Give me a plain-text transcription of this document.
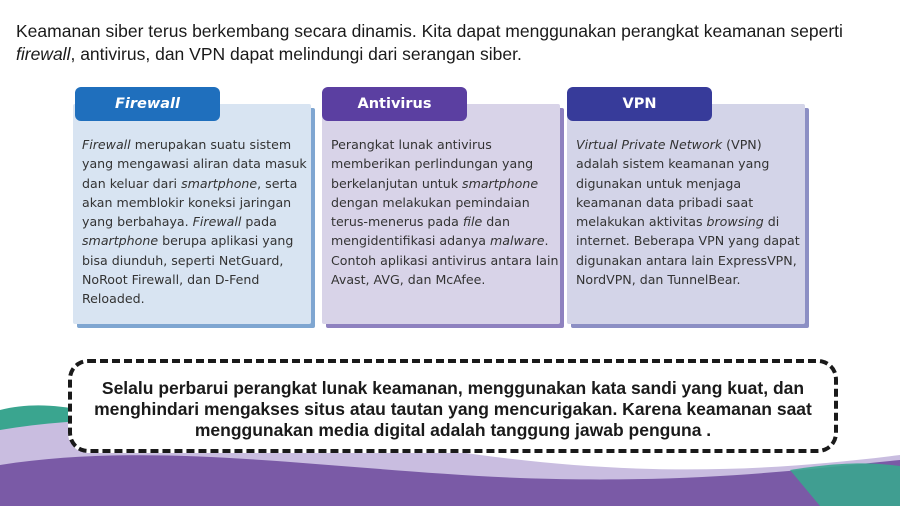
Keamanan siber terus berkembang secara dinamis. Kita dapat menggunakan perangkat keamanan seperti firewall, antivirus, dan VPN dapat melindungi dari serangan siber.
Firewall merupakan suatu sistem yang mengawasi aliran data masuk dan keluar dari smartphone, serta akan memblokir koneksi jaringan yang berbahaya. Firewall pada smartphone berupa aplikasi yang bisa diunduh, seperti NetGuard, NoRoot Firewall, dan D-Fend Reloaded.
Firewall
Perangkat lunak antivirus memberikan perlindungan yang berkelanjutan untuk smartphone dengan melakukan pemindaian terus-menerus pada file dan mengidentifikasi adanya malware. Contoh aplikasi antivirus antara lain Avast, AVG, dan McAfee.
Antivirus
Virtual Private Network (VPN) adalah sistem keamanan yang digunakan untuk menjaga keamanan data pribadi saat melakukan aktivitas browsing di internet. Beberapa VPN yang dapat digunakan antara lain ExpressVPN, NordVPN, dan TunnelBear.
VPN
Selalu perbarui perangkat lunak keamanan, menggunakan kata sandi yang kuat, dan menghindari mengakses situs atau tautan yang mencurigakan. Karena keamanan saat menggunakan media digital adalah tanggung jawab penguna .
